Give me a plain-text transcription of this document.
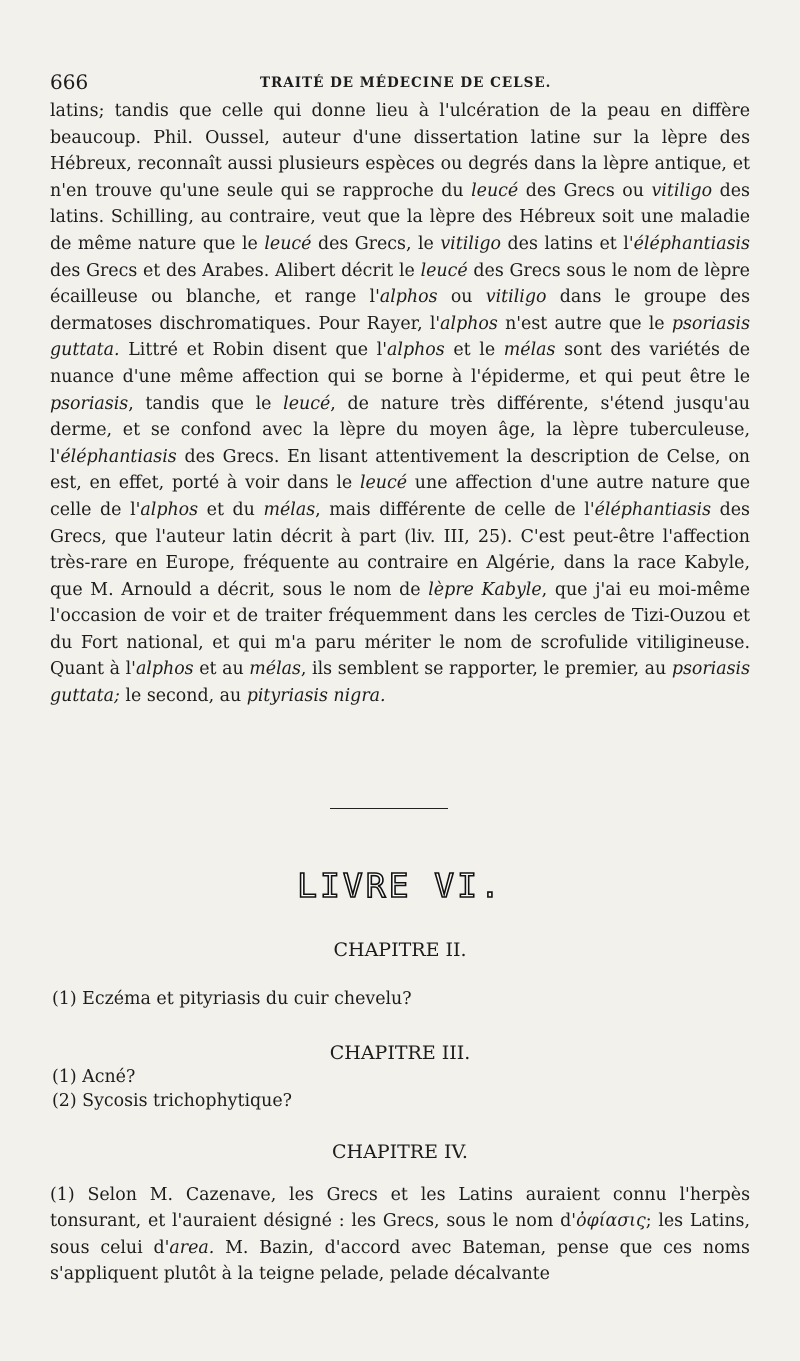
666	TRAITÉ DE MÉDECINE DE CELSE.

latins; tandis que celle qui donne lieu à l'ulcération de la peau en diffère beaucoup. Phil. Oussel, auteur d'une dissertation latine sur la lèpre des Hébreux, reconnaît aussi plusieurs espèces ou degrés dans la lèpre antique, et n'en trouve qu'une seule qui se rapproche du leucé des Grecs ou vitiligo des latins. Schilling, au contraire, veut que la lèpre des Hébreux soit une maladie de même nature que le leucé des Grecs, le vitiligo des latins et l'éléphantiasis des Grecs et des Arabes. Alibert décrit le leucé des Grecs sous le nom de lèpre écailleuse ou blanche, et range l'alphos ou vitiligo dans le groupe des dermatoses dischromatiques. Pour Rayer, l'alphos n'est autre que le psoriasis guttata. Littré et Robin disent que l'alphos et le mélas sont des variétés de nuance d'une même affection qui se borne à l'épiderme, et qui peut être le psoriasis, tandis que le leucé, de nature très différente, s'étend jusqu'au derme, et se confond avec la lèpre du moyen âge, la lèpre tuberculeuse, l'éléphantiasis des Grecs. En lisant attentivement la description de Celse, on est, en effet, porté à voir dans le leucé une affection d'une autre nature que celle de l'alphos et du mélas, mais différente de celle de l'éléphantiasis des Grecs, que l'auteur latin décrit à part (liv. III, 25). C'est peut-être l'affection très-rare en Europe, fréquente au contraire en Algérie, dans la race Kabyle, que M. Arnould a décrit, sous le nom de lèpre Kabyle, que j'ai eu moi-même l'occasion de voir et de traiter fréquemment dans les cercles de Tizi-Ouzou et du Fort national, et qui m'a paru mériter le nom de scrofulide vitiligineuse. Quant à l'alphos et au mélas, ils semblent se rapporter, le premier, au psoriasis guttata; le second, au pityriasis nigra.

LIVRE VI.
CHAPITRE II.
(1) Eczéma et pityriasis du cuir chevelu?
CHAPITRE III.
(1) Acné?
(2) Sycosis trichophytique?
CHAPITRE IV.

(1) Selon M. Cazenave, les Grecs et les Latins auraient connu l'herpès tonsurant, et l'auraient désigné : les Grecs, sous le nom d'ὀφίασις; les Latins, sous celui d'area. M. Bazin, d'accord avec Bateman, pense que ces noms s'appliquent plutôt à la teigne pelade, pelade décalvante
